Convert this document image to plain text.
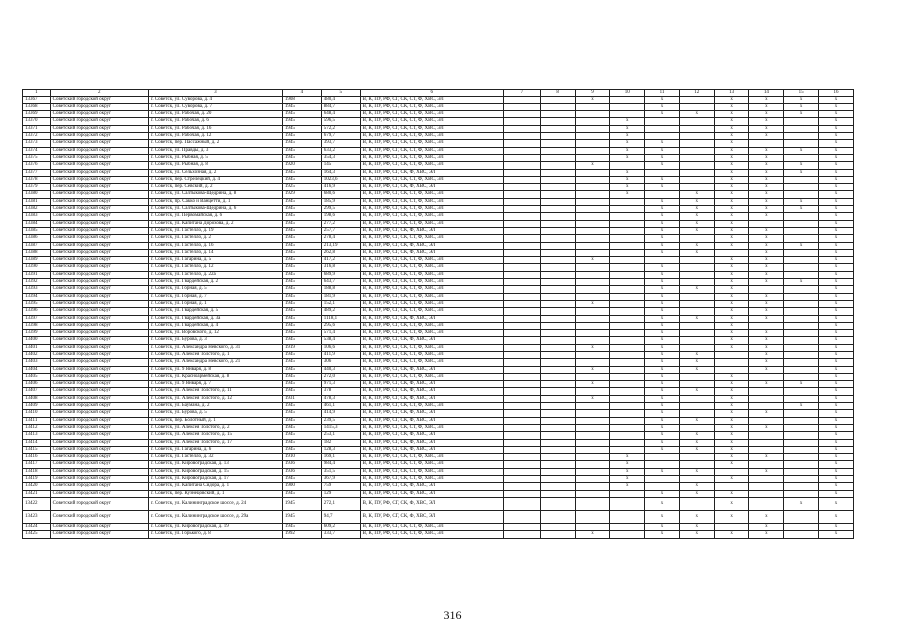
1	2	3	4	5	6	7	8	9	10	11	12	13	14	15	16
13367	Советский городской округ	г. Советск, ул. Суворова, д. 4	1908	480,4	В, К, ПУ, РФ, СГ, СК, СТ, Ф, ХВС, ЭЛ			x		x		x	x	x	x
13368	Советский городской округ	г. Советск, ул. Суворова, д. 7	1945	884,7	В, К, ПУ, РФ, СГ, СК, СТ, Ф, ХВС, ЭЛ					x		x	x	x	x
13369	Советский городской округ	г. Советск, ул. Рабочая, д. 20	1945	648,4	В, К, ПУ, РФ, СГ, СК, СТ, Ф, ХВС, ЭЛ					x	x	x	x	x	x
13370	Советский городской округ	г. Советск, ул. Рабочая, д. 6	1945	596,5	В, К, ПУ, РФ, СГ, СК, СТ, Ф, ХВС, ЭЛ				x			x	x		x
13371	Советский городской округ	г. Советск, ул. Рабочая, д. 16	1945	572,2	В, К, ПУ, РФ, СГ, СК, СТ, Ф, ХВС, ЭЛ				x			x	x		x
13372	Советский городской округ	г. Советск, ул. Рабочая, д. 12	1945	679,7	В, К, ПУ, РФ, СГ, СК, СТ, Ф, ХВС, ЭЛ				x			x	x		x
13373	Советский городской округ	г. Советск, пер. Пассажный, д. 2	1945	393,7	В, К, ПУ, РФ, СГ, СК, СТ, Ф, ХВС, ЭЛ				x	x		x			x
13374	Советский городской округ	г. Советск, ул. Правды, д. 3	1945	633,2	В, К, ПУ, РФ, СГ, СК, СТ, Ф, ХВС, ЭЛ				x	x		x	x	x	x
13375	Советский городской округ	г. Советск, ул. Рыбная, д. 5	1945	354,3	В, К, ПУ, РФ, СГ, СК, СТ, Ф, ХВС, ЭЛ				x	x		x	x		x
13376	Советский городской округ	г. Советск, ул. Рыбная, д. 8	1920	145	В, К, ПУ, РФ, СГ, СК, СТ, Ф, ХВС, ЭЛ			x		x		x	x	x	x
13377	Советский городской округ	г. Советск, ул. Сельхозная, д. 2	1945	164,3	В, К, ПУ, РФ, СГ, СК, Ф, ХВС, ЭЛ				x			x	x	x	x
13378	Советский городской округ	г. Советск, пер. Стрелецкий, д. 4	1945	1023,6	В, К, ПУ, РФ, СГ, СК, СТ, Ф, ХВС, ЭЛ				x	x		x	x		x
13379	Советский городской округ	г. Советск, пер. Севский, д. 2	1925	416,9	В, К, ПУ, РФ, СГ, СК, Ф, ХВС, ЭЛ				x	x		x	x		x
13380	Советский городской округ	г. Советск, ул. Салтыкова-Щедрина, д. 8	1929	680,6	В, К, ПУ, РФ, СГ, СК, СТ, Ф, ХВС, ЭЛ				x		x	x	x		x
13381	Советский городской округ	г. Советск, пр. Сакко и Ванцетти, д. 1	1945	185,9	В, К, ПУ, РФ, СГ, СК, СТ, Ф, ХВС, ЭЛ					x	x	x	x	x	x
13382	Советский городской округ	г. Советск, ул. Салтыкова-Щедрина, д. 6	1945	299,5	В, К, ПУ, РФ, СГ, СК, СТ, Ф, ХВС, ЭЛ					x	x	x	x	x	x
13383	Советский городской округ	г. Советск, ул. Первомайская, д. 6	1945	198,6	В, К, ПУ, РФ, СГ, СК, СТ, Ф, ХВС, ЭЛ					x	x	x	x		x
13384	Советский городской округ	г. Советск, ул. Капитана Дорохова, д. 2	1945	277,2	В, К, ПУ, РФ, СГ, СК, СТ, Ф, ХВС, ЭЛ					x	x	x			x
13385	Советский городской округ	г. Советск, ул. Гастелло, д. 19	1945	257,7	В, К, ПУ, РФ, СГ, СК, Ф, ХВС, ЭЛ					x	x	x	x		x
13386	Советский городской округ	г. Советск, ул. Гастелло, д. 2	1945	278,4	В, К, ПУ, РФ, СГ, СК, СТ, Ф, ХВС, ЭЛ					x		x	x		x
13387	Советский городской округ	г. Советск, ул. Гастелло, д. 16	1945	213,19	В, К, ПУ, РФ, СГ, СК, Ф, ХВС, ЭЛ					x	x	x	x	x	x
13388	Советский городской округ	г. Советск, ул. Гастелло, д. 14	1945	262,8	В, К, ПУ, РФ, СГ, СК, Ф, ХВС, ЭЛ					x	x		x		x
13389	Советский городской округ	г. Советск, ул. Гагарина, д. 5	1945	417,2	В, К, ПУ, РФ, СГ, СК, СТ, Ф, ХВС, ЭЛ			x				x	x		x
13390	Советский городской округ	г. Советск, ул. Гастелло, д. 12	1945	316,8	В, К, ПУ, РФ, СГ, СК, СТ, Ф, ХВС, ЭЛ					x		x	x		x
13391	Советский городской округ	г. Советск, ул. Гастелло, д. 22а	1945	689,9	В, К, ПУ, РФ, СГ, СК, СТ, Ф, ХВС, ЭЛ					x		x	x		x
13392	Советский городской округ	г. Советск, ул. Гвардейская, д. 2	1945	643,7	В, К, ПУ, РФ, СГ, СК, СТ, Ф, ХВС, ЭЛ					x		x	x	x	x
13393	Советский городской округ	г. Советск, ул. Горная, д. 5	1945	188,8	В, К, ПУ, РФ, СГ, СК, СТ, Ф, ХВС, ЭЛ					x	x	x			x
13394	Советский городской округ	г. Советск, ул. Горная, д. 7	1945	181,9	В, К, ПУ, РФ, СГ, СК, СТ, Ф, ХВС, ЭЛ					x		x	x		x
13395	Советский городской округ	г. Советск, ул. Горная, д. 1	1945	152,1	В, К, ПУ, РФ, СГ, СК, СТ, Ф, ХВС, ЭЛ			x		x		x	x		x
13396	Советский городской округ	г. Советск, ул. Гвардейская, д. 5	1945	489,2	В, К, ПУ, РФ, СГ, СК, СТ, Ф, ХВС, ЭЛ					x		x	x		x
13397	Советский городской округ	г. Советск, ул. Гвардейская, д. 3а	1945	1118,1	В, К, ПУ, РФ, СГ, СК, Ф, ХВС, ЭЛ					x	x	x	x		x
13398	Советский городской округ	г. Советск, ул. Гвардейская, д. 4	1945	295,6	В, К, ПУ, РФ, СГ, СК, СТ, Ф, ХВС, ЭЛ					x		x			x
13399	Советский городской округ	г. Советск, ул. Воровского, д. 12	1945	571,4	В, К, ПУ, РФ, СГ, СК, СТ, Ф, ХВС, ЭЛ					x		x	x		x
13400	Советский городской округ	г. Советск, ул. Бурова, д. 3	1945	538,4	В, К, ПУ, РФ, СГ, СК, Ф, ХВС, ЭЛ					x		x	x		x
13401	Советский городской округ	г. Советск, ул. Александра Невского, д. 31	1919	106,6	В, К, ПУ, РФ, СГ, СК, СТ, Ф, ХВС, ЭЛ			x		x		x	x		x
13402	Советский городской округ	г. Советск, ул. Алексея Толстого, д. 1	1945	411,9	В, К, ПУ, РФ, СГ, СК, СТ, Ф, ХВС, ЭЛ					x	x		x		x
13403	Советский городской округ	г. Советск, ул. Александра Невского, д. 21	1945	306	В, К, ПУ, РФ, СГ, СК, СТ, Ф, ХВС, ЭЛ					x	x		x		x
13404	Советский городской округ	г. Советск, ул. 9 Января, д. 8	1945	440,3	В, К, ПУ, РФ, СГ, СК, Ф, ХВС, ЭЛ			x		x	x		x		x
13405	Советский городской округ	г. Советск, ул. Красноармейская, д. 8	1945	272,0	В, К, ПУ, РФ, СГ, СК, СТ, Ф, ХВС, ЭЛ					x		x			x
13406	Советский городской округ	г. Советск, ул. 9 Января, д. 7	1945	971,3	В, К, ПУ, РФ, СГ, СК, Ф, ХВС, ЭЛ			x		x		x	x	x	x
13407	Советский городской округ	г. Советск, ул. Алексея Толстого, д. 11	1945	378	В, К, ПУ, РФ, СГ, СК, Ф, ХВС, ЭЛ					x	x	x			x
13408	Советский городской округ	г. Советск, ул. Алексея Толстого, д. 12	1931	478,3	В, К, ПУ, РФ, СГ, СК, Ф, ХВС, ЭЛ			x		x		x			x
13409	Советский городской округ	г. Советск, ул. Баумана, д. 2	1945	461,1	В, К, ПУ, РФ, СГ, СК, СТ, Ф, ХВС, ЭЛ					x		x		x	x
13410	Советский городской округ	г. Советск, ул. Бурова, д. 5	1945	414,9	В, К, ПУ, РФ, СГ, СК, Ф, ХВС, ЭЛ					x		x	x		x
13411	Советский городской округ	г. Советск, пер. Болотный, д. 1	1945	239,5	В, К, ПУ, РФ, СГ, СК, Ф, ХВС, ЭЛ					x	x	x			x
13412	Советский городской округ	г. Советск, ул. Алексея Толстого, д. 2	1945	1415,3	В, К, ПУ, РФ, СГ, СК, СТ, Ф, ХВС, ЭЛ					x		x	x		x
13413	Советский городской округ	г. Советск, ул. Алексея Толстого, д. 15	1945	253,1	В, К, ПУ, РФ, СГ, СК, Ф, ХВС, ЭЛ					x	x	x			x
13414	Советский городской округ	г. Советск, ул. Алексея Толстого, д. 17	1945	182	В, К, ПУ, РФ, СГ, СК, Ф, ХВС, ЭЛ					x	x	x			x
13415	Советский городской округ	г. Советск, ул. Гагарина, д. 6	1945	128,3	В, К, ПУ, РФ, СГ, СК, Ф, ХВС, ЭЛ					x	x	x			x
13416	Советский городской округ	г. Советск, ул. Гастелло, д. 32	1910	169,1	В, К, ПУ, РФ, СГ, СК, СТ, Ф, ХВС, ЭЛ				x			x	x		x
13417	Советский городской округ	г. Советск, ул. Кировоградская, д. 13	1936	984,4	В, К, ПУ, РФ, СГ, СК, СТ, Ф, ХВС, ЭЛ				x			x			x
13418	Советский городской округ	г. Советск, ул. Кировоградская, д. 15	1936	351,5	В, К, ПУ, РФ, СГ, СК, СТ, Ф, ХВС, ЭЛ				x	x	x		x		x
13419	Советский городской округ	г. Советск, ул. Кировоградская, д. 17	1945	367,9	В, К, ПУ, РФ, СГ, СК, СТ, Ф, ХВС, ЭЛ				x			x			x
13420	Советский городской округ	г. Советск, ул. Капитана Сидора, д. 1	1900	759	В, К, ПУ, РФ, СГ, СК, Ф, ХВС, ЭЛ				x		x				x
13421	Советский городской округ	г. Советск, пер. Кузнецовский, д. 1	1945	129	В, К, ПУ, РФ, СГ, СК, Ф, ХВС, ЭЛ					x	x	x			x
13422	Советский городской округ	г. Советск, ул. Калининградское шоссе, д. 24	1945	272,1	В, К, ПУ, РФ, СГ, СК, Ф, ХВС, ЭЛ					x		x		x	x
13423	Советский городской округ	г. Советск, ул. Калининградское шоссе, д. 29а	1945	94,7	В, К, ПУ, РФ, СГ, СК, Ф, ХВС, ЭЛ					x	x	x	x		x
13424	Советский городской округ	г. Советск, ул. Кировоградская, д. 19	1945	609,2	В, К, ПУ, РФ, СГ, СК, СТ, Ф, ХВС, ЭЛ					x	x		x		x
13425	Советский городской округ	г. Советск, ул. Горького, д. 8	1992	333,7	В, К, ПУ, РФ, СГ, СК, СТ, Ф, ХВС, ЭЛ			x		x	x	x	x		x
316
